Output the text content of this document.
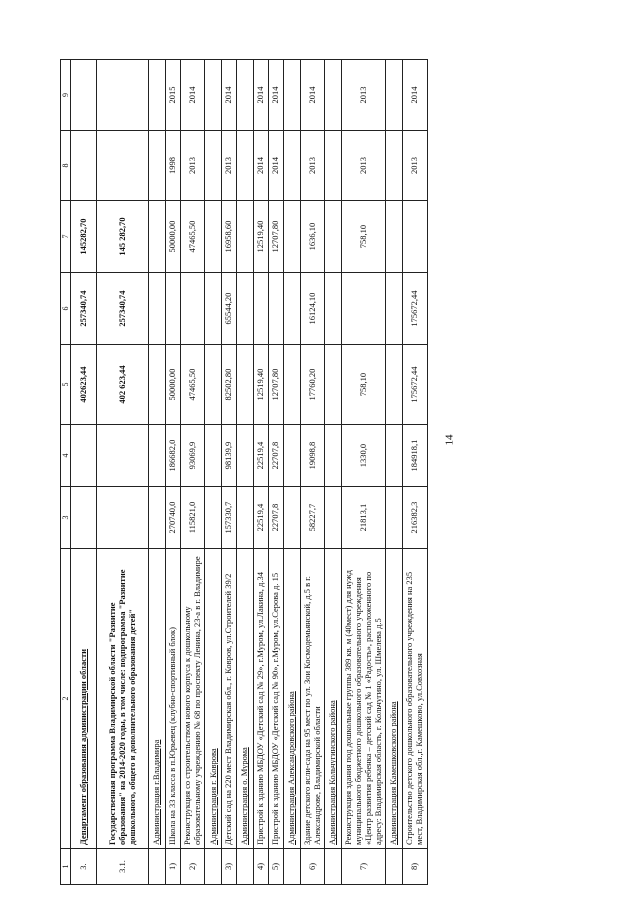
14
1	2	3	4	5	6	7	8	9
3.	Департамент образования администрации области			402623,44	257340,74	145282,70		
3.1.	Государственная программа Владимирской области "Развитие образования" на 2014-2020 годы, в том числе: подпрограмма "Развитие дошкольного, общего и дополнительного образования детей"			402 623,44	257340,74	145 282,70		
	Администрация г.Владимира							
1)	Школа на 33 класса в п.Юрьевец (клубно-спортивный блок)	270740,0	186682,0	50000,00		50000,00	1998	2015
2)	Реконструкция со строительством нового корпуса к дошкольному образовательному учреждению № 68 по проспекту Ленина, 23-а в г. Владимире	115821,0	93069,9	47465,50		47465,50	2013	2014
	Администрация г. Коврова							
3)	Детский сад на 220 мест Владимирская обл., г. Ковров, ул.Строителей 39/2	157330,7	98139,9	82502,80	65544,20	16958,60	2013	2014
	Администрация о. Мурома							
4)	Пристрой к зданию МБДОУ «Детский сад № 29», г.Муром, ул.Лакина, д.34	22519,4	22519,4	12519,40		12519,40	2014	2014
5)	Пристрой к зданию МБДОУ «Детский сад № 90», г.Муром, ул.Серова д. 15	22707,8	22707,8	12707,80		12707,80	2014	2014
	Администрация Александровского района							
6)	Здание детского ясли-сада на 95 мест по ул. Зои Космодемьянской, д.5 в г. Александрове, Владимирской области	58227,7	19098,8	17760,20	16124,10	1636,10	2013	2014
	Администрация Кольчугинского района							
7)	Реконструкция здания под дошкольные группы 389 кв. м (40мест) для нужд муниципального бюджетного дошкольного образовательного учреждения «Центр развития ребенка – детский сад № 1 «Радость», расположенного по адресу: Владимирская область, г. Кольчугино, ул. Шмелева д.5	21813,1	1330,0	758,10		758,10	2013	2013
	Администрация Камешковского района							
8)	Строительство детского дошкольного образовательного учреждения на 235 мест, Владимирская обл.,г. Камешково, ул.Совхозная	216382,3	184918,1	175672,44	175672,44		2013	2014
